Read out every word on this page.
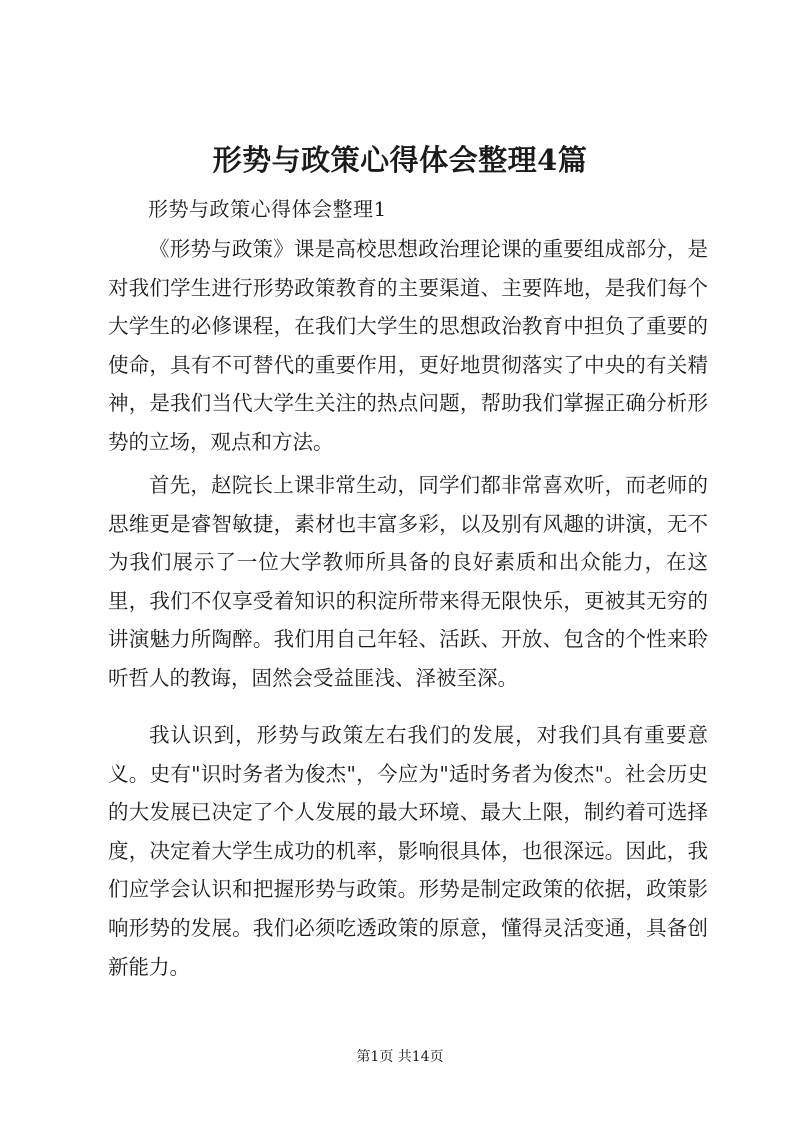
形势与政策心得体会整理4篇

形势与政策心得体会整理1

《形势与政策》课是高校思想政治理论课的重要组成部分，是对我们学生进行形势政策教育的主要渠道、主要阵地，是我们每个大学生的必修课程，在我们大学生的思想政治教育中担负了重要的使命，具有不可替代的重要作用，更好地贯彻落实了中央的有关精神，是我们当代大学生关注的热点问题，帮助我们掌握正确分析形势的立场，观点和方法。

首先，赵院长上课非常生动，同学们都非常喜欢听，而老师的思维更是睿智敏捷，素材也丰富多彩，以及别有风趣的讲演，无不为我们展示了一位大学教师所具备的良好素质和出众能力，在这里，我们不仅享受着知识的积淀所带来得无限快乐，更被其无穷的讲演魅力所陶醉。我们用自己年轻、活跃、开放、包含的个性来聆听哲人的教诲，固然会受益匪浅、泽被至深。

我认识到，形势与政策左右我们的发展，对我们具有重要意义。史有"识时务者为俊杰"，今应为"适时务者为俊杰"。社会历史的大发展已决定了个人发展的最大环境、最大上限，制约着可选择度，决定着大学生成功的机率，影响很具体，也很深远。因此，我们应学会认识和把握形势与政策。形势是制定政策的依据，政策影响形势的发展。我们必须吃透政策的原意，懂得灵活变通，具备创新能力。

第1页 共14页
